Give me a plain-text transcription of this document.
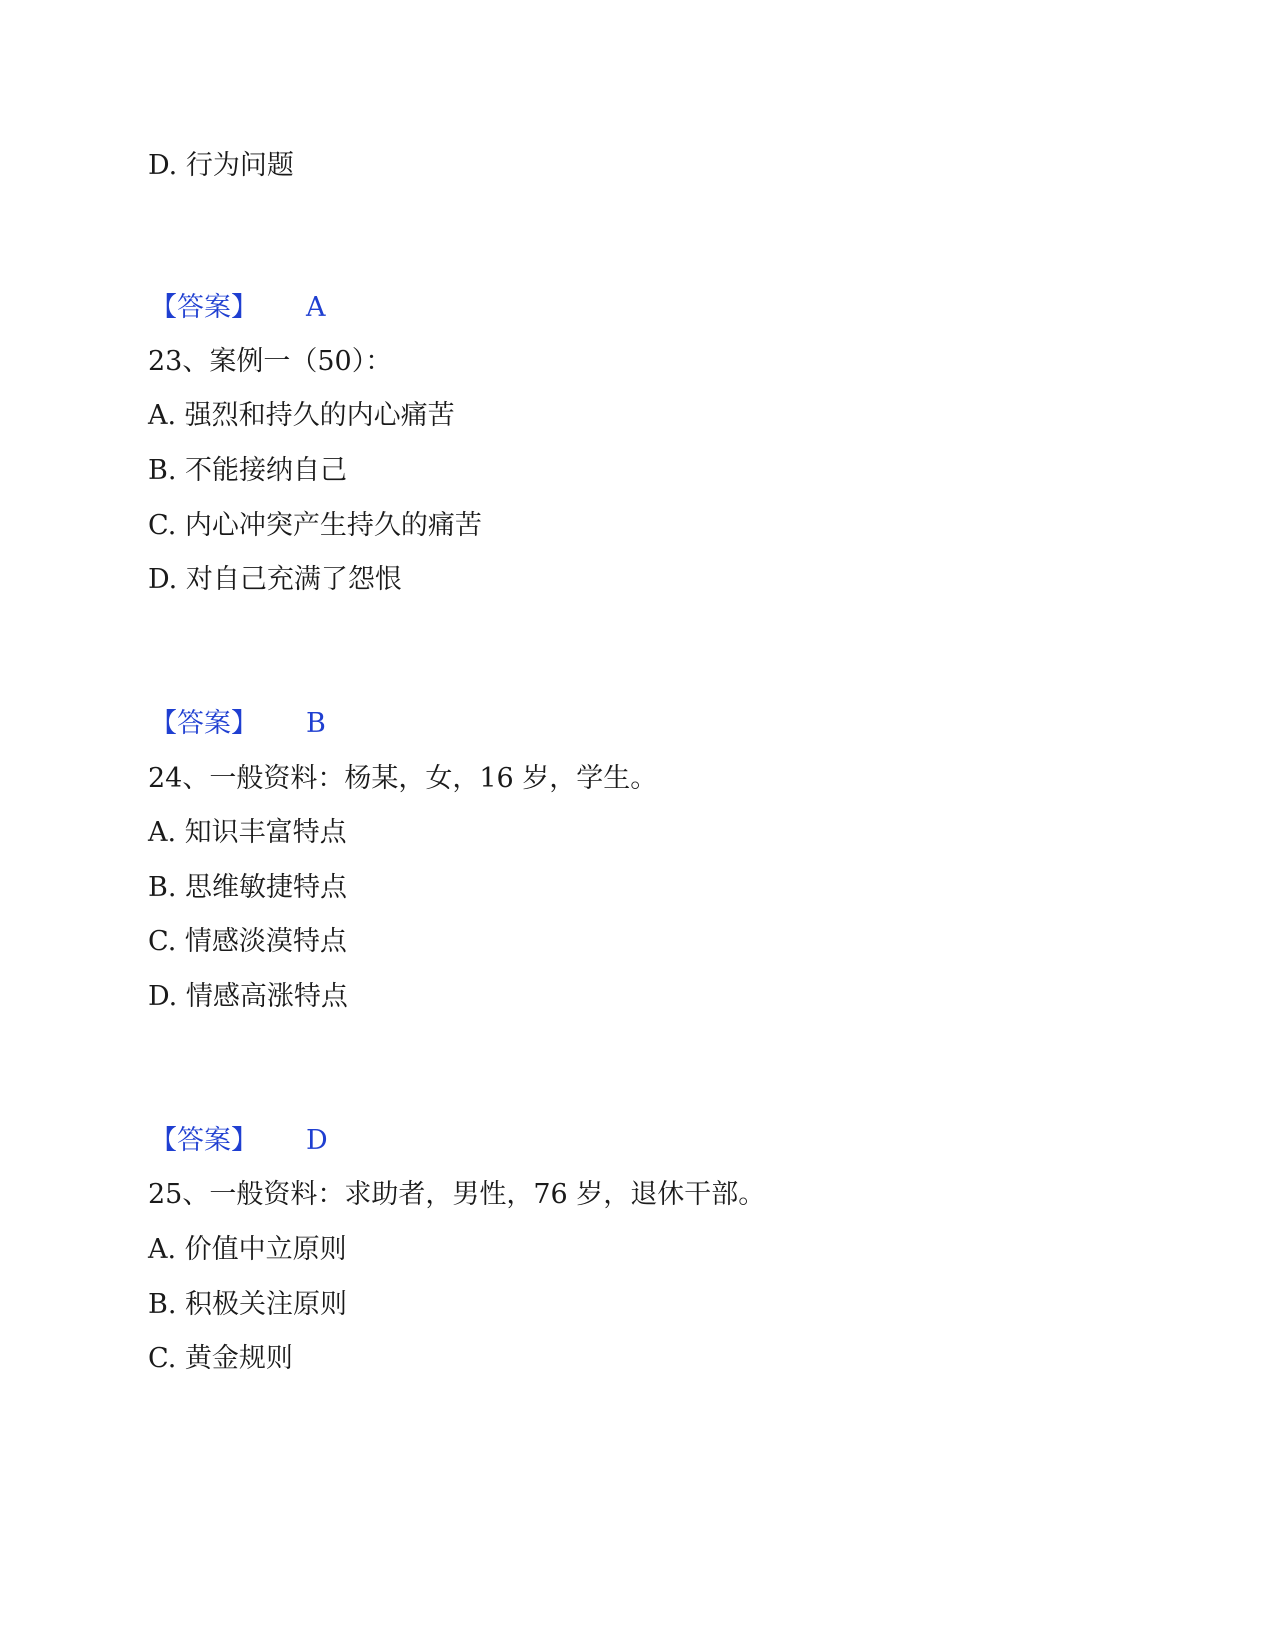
D. 行为问题
【答案】 A
23、案例一（50）：
A. 强烈和持久的内心痛苦
B. 不能接纳自己
C. 内心冲突产生持久的痛苦
D. 对自己充满了怨恨
【答案】 B
24、一般资料：杨某，女，16 岁，学生。
A. 知识丰富特点
B. 思维敏捷特点
C. 情感淡漠特点
D. 情感高涨特点
【答案】 D
25、一般资料：求助者，男性，76 岁，退休干部。
A. 价值中立原则
B. 积极关注原则
C. 黄金规则
